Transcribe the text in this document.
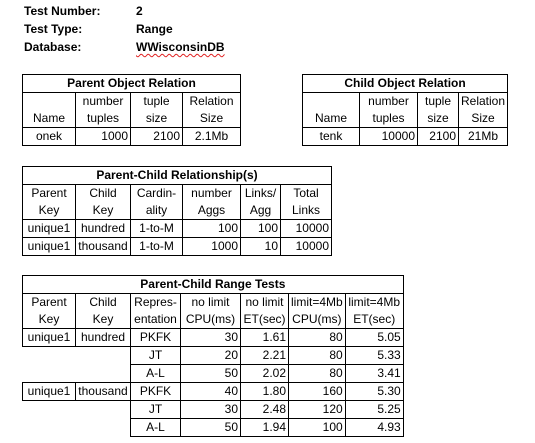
Test Number:	2
Test Type:	Range
Database:	WWisconsinDB
Parent Object Relation			
	number	tuple	Relation
Name	tuples	size	Size
onek	1000	2100	2.1Mb
Child Object Relation			
	number	tuple	Relation
Name	tuples	size	Size
tenk	10000	2100	21Mb
Parent-Child Relationship(s)					
Parent	Child	Cardin-	number	Links/	Total
Key	Key	ality	Aggs	Agg	Links
unique1	hundred	1-to-M	100	100	10000
unique1	thousand	1-to-M	1000	10	10000
Parent-Child Range Tests						
Parent	Child	Repres-	no limit	no limit	limit=4Mb	limit=4Mb
Key	Key	entation	CPU(ms)	ET(sec)	CPU(ms)	ET(sec)
unique1	hundred	PKFK	30	1.61	80	5.05
		JT	20	2.21	80	5.33
		A-L	50	2.02	80	3.41
unique1	thousand	PKFK	40	1.80	160	5.30
		JT	30	2.48	120	5.25
		A-L	50	1.94	100	4.93
